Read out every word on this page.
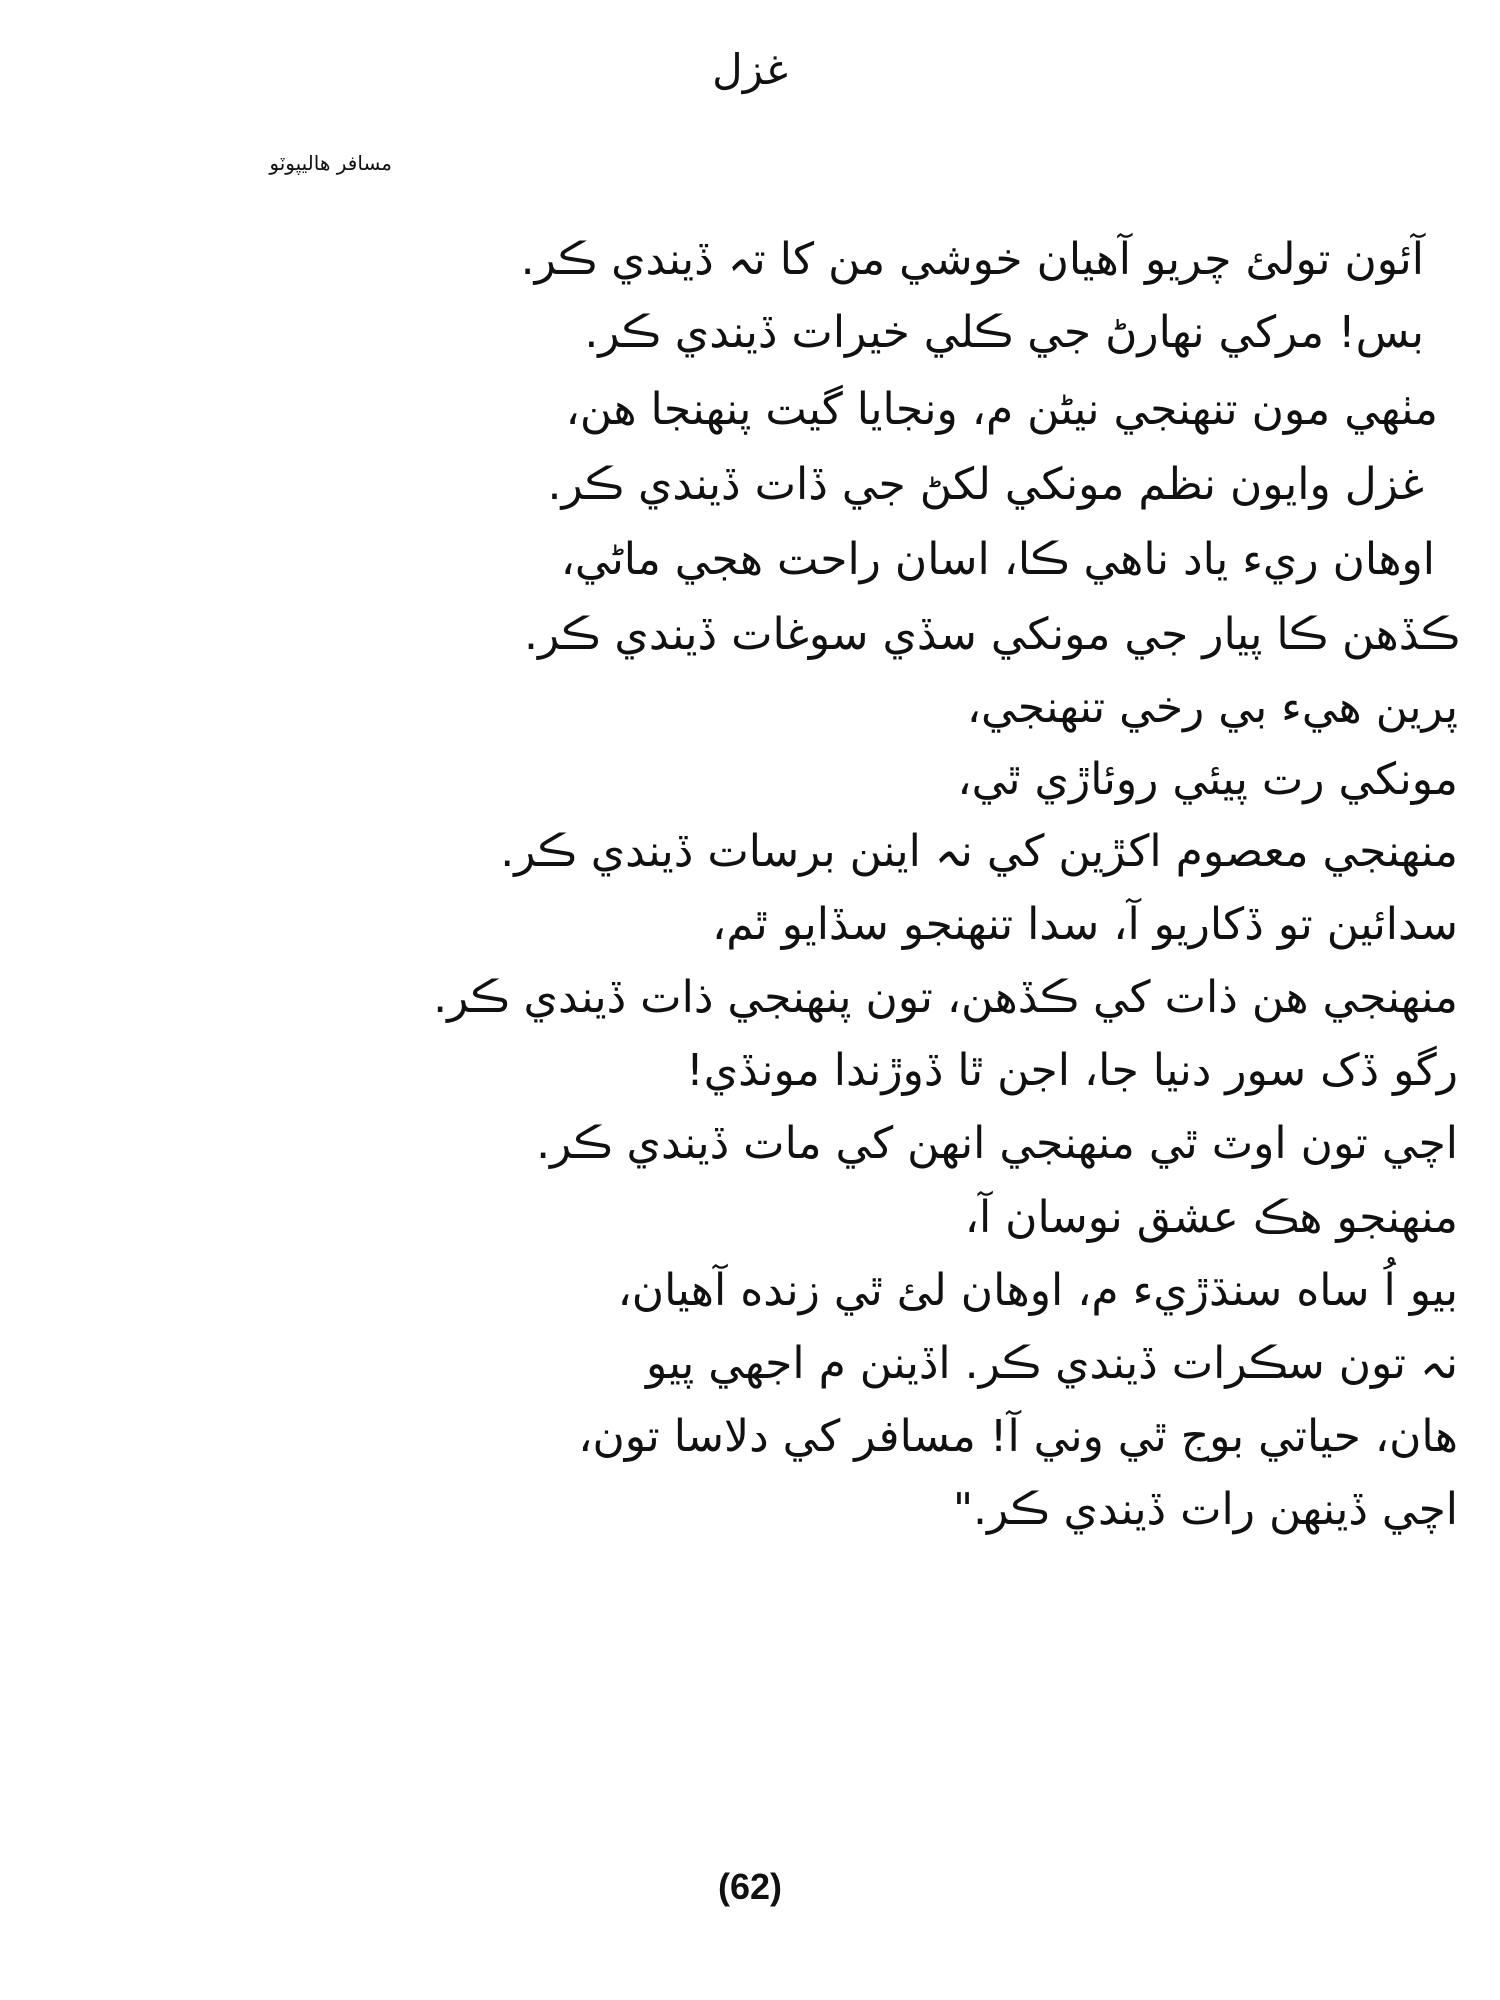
غزل
مسافر هاليپوٽو
آئون تولئ چريو آهيان خوشي من کا تہ ڏيندي ڪر.
بس! مرکي نهارڻ جي ڪلي خيرات ڏيندي ڪر.
مٺهي مون تنهنجي نيڻن م، ونجايا گيت پنهنجا هن،
غزل وايون نظم مونکي لکڻ جي ڏات ڏيندي ڪر.
اوهان ريء ياد ناهي ڪا، اسان راحت هجي ماڻي،
ڪڏهن ڪا پيار جي مونکي سڏي سوغات ڏيندي ڪر.
پرين هيء بي رخي تنهنجي،
مونکي رت پيئي روئاڙي ٿي،
منهنجي معصوم اکڙين کي نہ اينن برسات ڏيندي ڪر.
سدائين تو ڏکاريو آ، سدا تنهنجو سڏايو ٿم،
منهنجي هن ذات کي ڪڏهن، تون پنهنجي ذات ڏيندي ڪر.
رگو ڏک سور دنيا جا، اجن ٿا ڏوڙندا مونڏي!
اچي تون اوٽ ٿي منهنجي انهن کي مات ڏيندي ڪر.
منهنجو هڪ عشق نوسان آ،
بيو اُ ساه سنڌڙيء م، اوهان لئ ٿي زنده آهيان،
نہ تون سڪرات ڏيندي ڪر. اڏينن م اجهي پيو
هان، حياتي بوج ٿي وني آ! مسافر کي دلاسا تون،
اچي ڏينهن رات ڏيندي ڪر."
(62)
